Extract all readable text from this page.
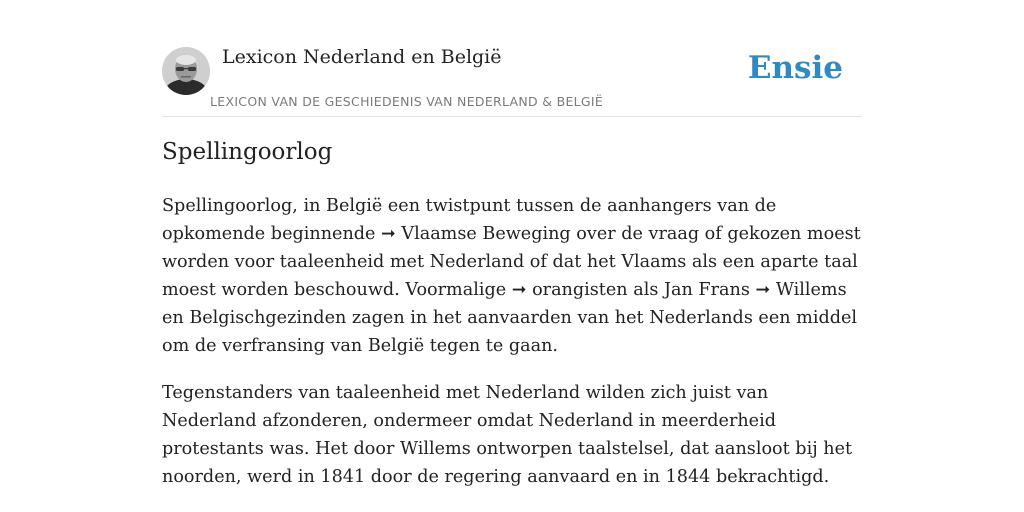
Lexicon Nederland en België
LEXICON VAN DE GESCHIEDENIS VAN NEDERLAND & BELGIË
Ensie
Spellingoorlog

Spellingoorlog, in België een twistpunt tussen de aanhangers van de opkomende beginnende ➞ Vlaamse Beweging over de vraag of gekozen moest worden voor taaleenheid met Nederland of dat het Vlaams als een aparte taal moest worden beschouwd. Voormalige ➞ orangisten als Jan Frans ➞ Willems en Belgischgezinden zagen in het aanvaarden van het Nederlands een middel om de verfransing van België tegen te gaan.

Tegenstanders van taaleenheid met Nederland wilden zich juist van Nederland afzonderen, ondermeer omdat Nederland in meerderheid protestants was. Het door Willems ontworpen taalstelsel, dat aansloot bij het noorden, werd in 1841 door de regering aanvaard en in 1844 bekrachtigd.
